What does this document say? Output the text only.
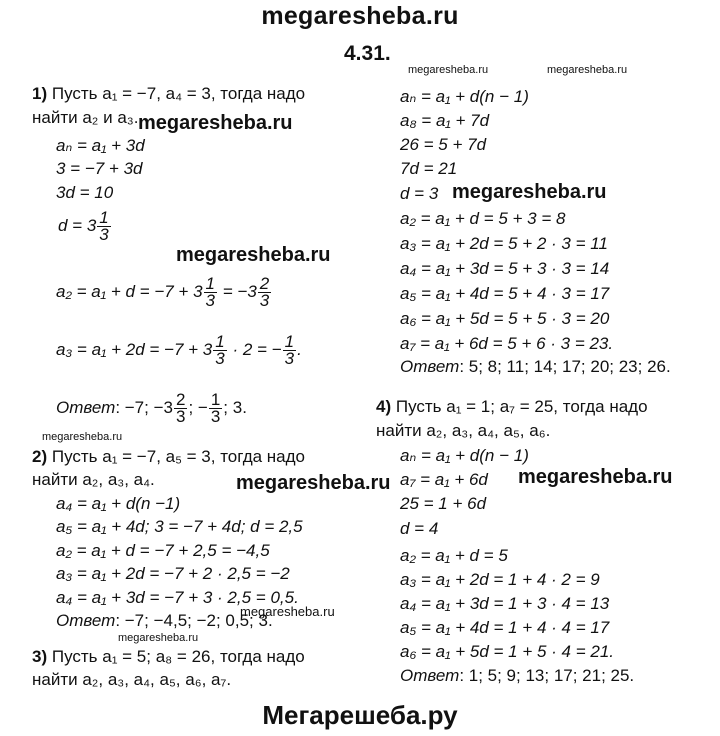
megaresheba.ru
4.31.
megaresheba.ru	megaresheba.ru
1) Пусть a₁ = −7, a₄ = 3, тогда надо
найти a₂ и a₃. megaresheba.ru
aₙ = a₁ + 3d
3 = −7 + 3d
3d = 10
$d = 3 \frac{1}{3}$
megaresheba.ru
$a_2 = a_1 + d = -7 + 3 \frac{1}{3} = -3 \frac{2}{3}$
$a_3 = a_1 + 2d = -7 + 3 \frac{1}{3} \cdot 2$ = − $\frac{1}{3}$ .
Ответ: −7; $-3 \frac{2}{3}$ ; − $\frac{1}{3}$ ; 3.
megaresheba.ru
2) Пусть a₁ = −7, a₅ = 3, тогда надо
найти a₂, a₃, a₄.	megaresheba.ru
a₄ = a₁ + d(n −1)
a₅ = a₁ + 4d; 3 = −7 + 4d; d = 2,5
a₂ = a₁ + d = −7 + 2,5 = −4,5
a₃ = a₁ + 2d = −7 + 2 · 2,5 = −2
a₄ = a₁ + 3d = −7 + 3 · 2,5 = 0,5.
megaresheba.ru
Ответ: −7; −4,5; −2; 0,5; 3.
megaresheba.ru
3) Пусть a₁ = 5; a₈ = 26, тогда надо
найти a₂, a₃, a₄, a₅, a₆, a₇.
aₙ = a₁ + d(n − 1)
a₈ = a₁ + 7d
26 = 5 + 7d
7d = 21
d = 3 megaresheba.ru
a₂ = a₁ + d = 5 + 3 = 8
a₃ = a₁ + 2d = 5 + 2 · 3 = 11
a₄ = a₁ + 3d = 5 + 3 · 3 = 14
a₅ = a₁ + 4d = 5 + 4 · 3 = 17
a₆ = a₁ + 5d = 5 + 5 · 3 = 20
a₇ = a₁ + 6d = 5 + 6 · 3 = 23.
Ответ: 5; 8; 11; 14; 17; 20; 23; 26.
4) Пусть a₁ = 1; a₇ = 25, тогда надо
найти a₂, a₃, a₄, a₅, a₆.
aₙ = a₁ + d(n − 1)
a₇ = a₁ + 6d megaresheba.ru
25 = 1 + 6d
d = 4
a₂ = a₁ + d = 5
a₃ = a₁ + 2d = 1 + 4 · 2 = 9
a₄ = a₁ + 3d = 1 + 3 · 4 = 13
a₅ = a₁ + 4d = 1 + 4 · 4 = 17
a₆ = a₁ + 5d = 1 + 5 · 4 = 21.
Ответ: 1; 5; 9; 13; 17; 21; 25.
Мегарешеба.ру
